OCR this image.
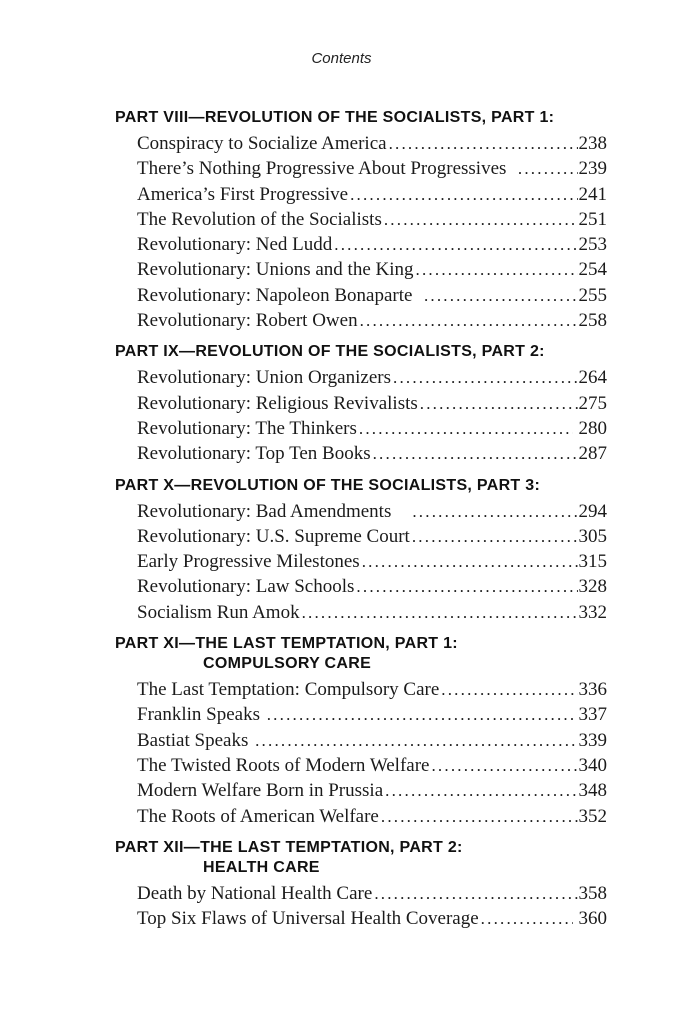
Contents
PART VIII—REVOLUTION OF THE SOCIALISTS, PART 1:
Conspiracy to Socialize America .....	238
There’s Nothing Progressive About Progressives .....	239
America’s First Progressive .....	241
The Revolution of the Socialists .....	251
Revolutionary: Ned Ludd .....	253
Revolutionary: Unions and the King .....	254
Revolutionary: Napoleon Bonaparte .....	255
Revolutionary: Robert Owen .....	258
PART IX—REVOLUTION OF THE SOCIALISTS, PART 2:
Revolutionary: Union Organizers .....	264
Revolutionary: Religious Revivalists .....	275
Revolutionary: The Thinkers .....	280
Revolutionary: Top Ten Books .....	287
PART X—REVOLUTION OF THE SOCIALISTS, PART 3:
Revolutionary: Bad Amendments .....	294
Revolutionary: U.S. Supreme Court .....	305
Early Progressive Milestones .....	315
Revolutionary: Law Schools .....	328
Socialism Run Amok .....	332
PART XI—THE LAST TEMPTATION, PART 1:
COMPULSORY CARE
The Last Temptation: Compulsory Care .....	336
Franklin Speaks .....	337
Bastiat Speaks .....	339
The Twisted Roots of Modern Welfare .....	340
Modern Welfare Born in Prussia .....	348
The Roots of American Welfare .....	352
PART XII—THE LAST TEMPTATION, PART 2:
HEALTH CARE
Death by National Health Care .....	358
Top Six Flaws of Universal Health Coverage .....	360
